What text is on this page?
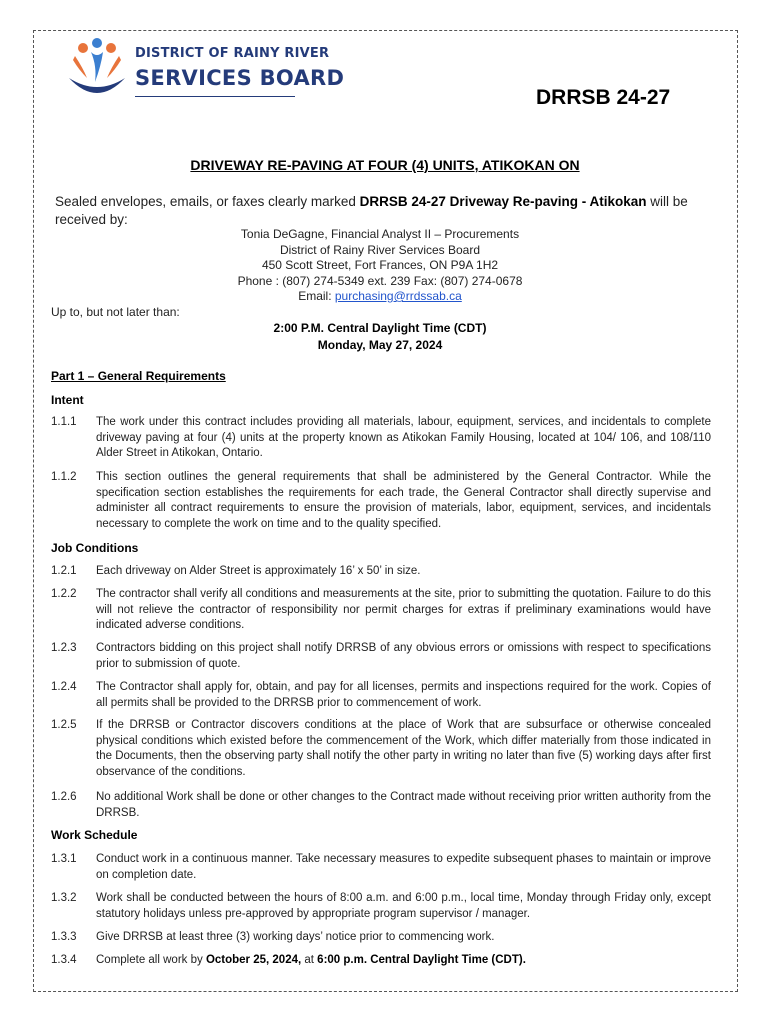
DISTRICT OF RAINY RIVER
SERVICES BOARD
DRRSB 24-27
DRIVEWAY RE-PAVING AT FOUR (4) UNITS, ATIKOKAN ON
Sealed envelopes, emails, or faxes clearly marked DRRSB 24-27 Driveway Re-paving - Atikokan will be received by:
Tonia DeGagne, Financial Analyst II – Procurements
District of Rainy River Services Board
450 Scott Street, Fort Frances, ON P9A 1H2
Phone : (807) 274-5349 ext. 239 Fax: (807) 274-0678
Email: purchasing@rrdssab.ca
Up to, but not later than:
2:00 P.M. Central Daylight Time (CDT)
Monday, May 27, 2024
Part 1 – General Requirements
Intent
1.1.1 The work under this contract includes providing all materials, labour, equipment, services, and incidentals to complete driveway paving at four (4) units at the property known as Atikokan Family Housing, located at 104/ 106, and 108/110 Alder Street in Atikokan, Ontario.
1.1.2 This section outlines the general requirements that shall be administered by the General Contractor. While the specification section establishes the requirements for each trade, the General Contractor shall directly supervise and administer all contract requirements to ensure the provision of materials, labor, equipment, services, and incidentals necessary to complete the work on time and to the quality specified.
Job Conditions
1.2.1 Each driveway on Alder Street is approximately 16’ x 50’ in size.
1.2.2 The contractor shall verify all conditions and measurements at the site, prior to submitting the quotation. Failure to do this will not relieve the contractor of responsibility nor permit charges for extras if preliminary examinations would have indicated adverse conditions.
1.2.3 Contractors bidding on this project shall notify DRRSB of any obvious errors or omissions with respect to specifications prior to submission of quote.
1.2.4 The Contractor shall apply for, obtain, and pay for all licenses, permits and inspections required for the work. Copies of all permits shall be provided to the DRRSB prior to commencement of work.
1.2.5 If the DRRSB or Contractor discovers conditions at the place of Work that are subsurface or otherwise concealed physical conditions which existed before the commencement of the Work, which differ materially from those indicated in the Documents, then the observing party shall notify the other party in writing no later than five (5) working days after first observance of the conditions.
1.2.6 No additional Work shall be done or other changes to the Contract made without receiving prior written authority from the DRRSB.
Work Schedule
1.3.1 Conduct work in a continuous manner. Take necessary measures to expedite subsequent phases to maintain or improve on completion date.
1.3.2 Work shall be conducted between the hours of 8:00 a.m. and 6:00 p.m., local time, Monday through Friday only, except statutory holidays unless pre-approved by appropriate program supervisor / manager.
1.3.3 Give DRRSB at least three (3) working days’ notice prior to commencing work.
1.3.4 Complete all work by October 25, 2024, at 6:00 p.m. Central Daylight Time (CDT).
